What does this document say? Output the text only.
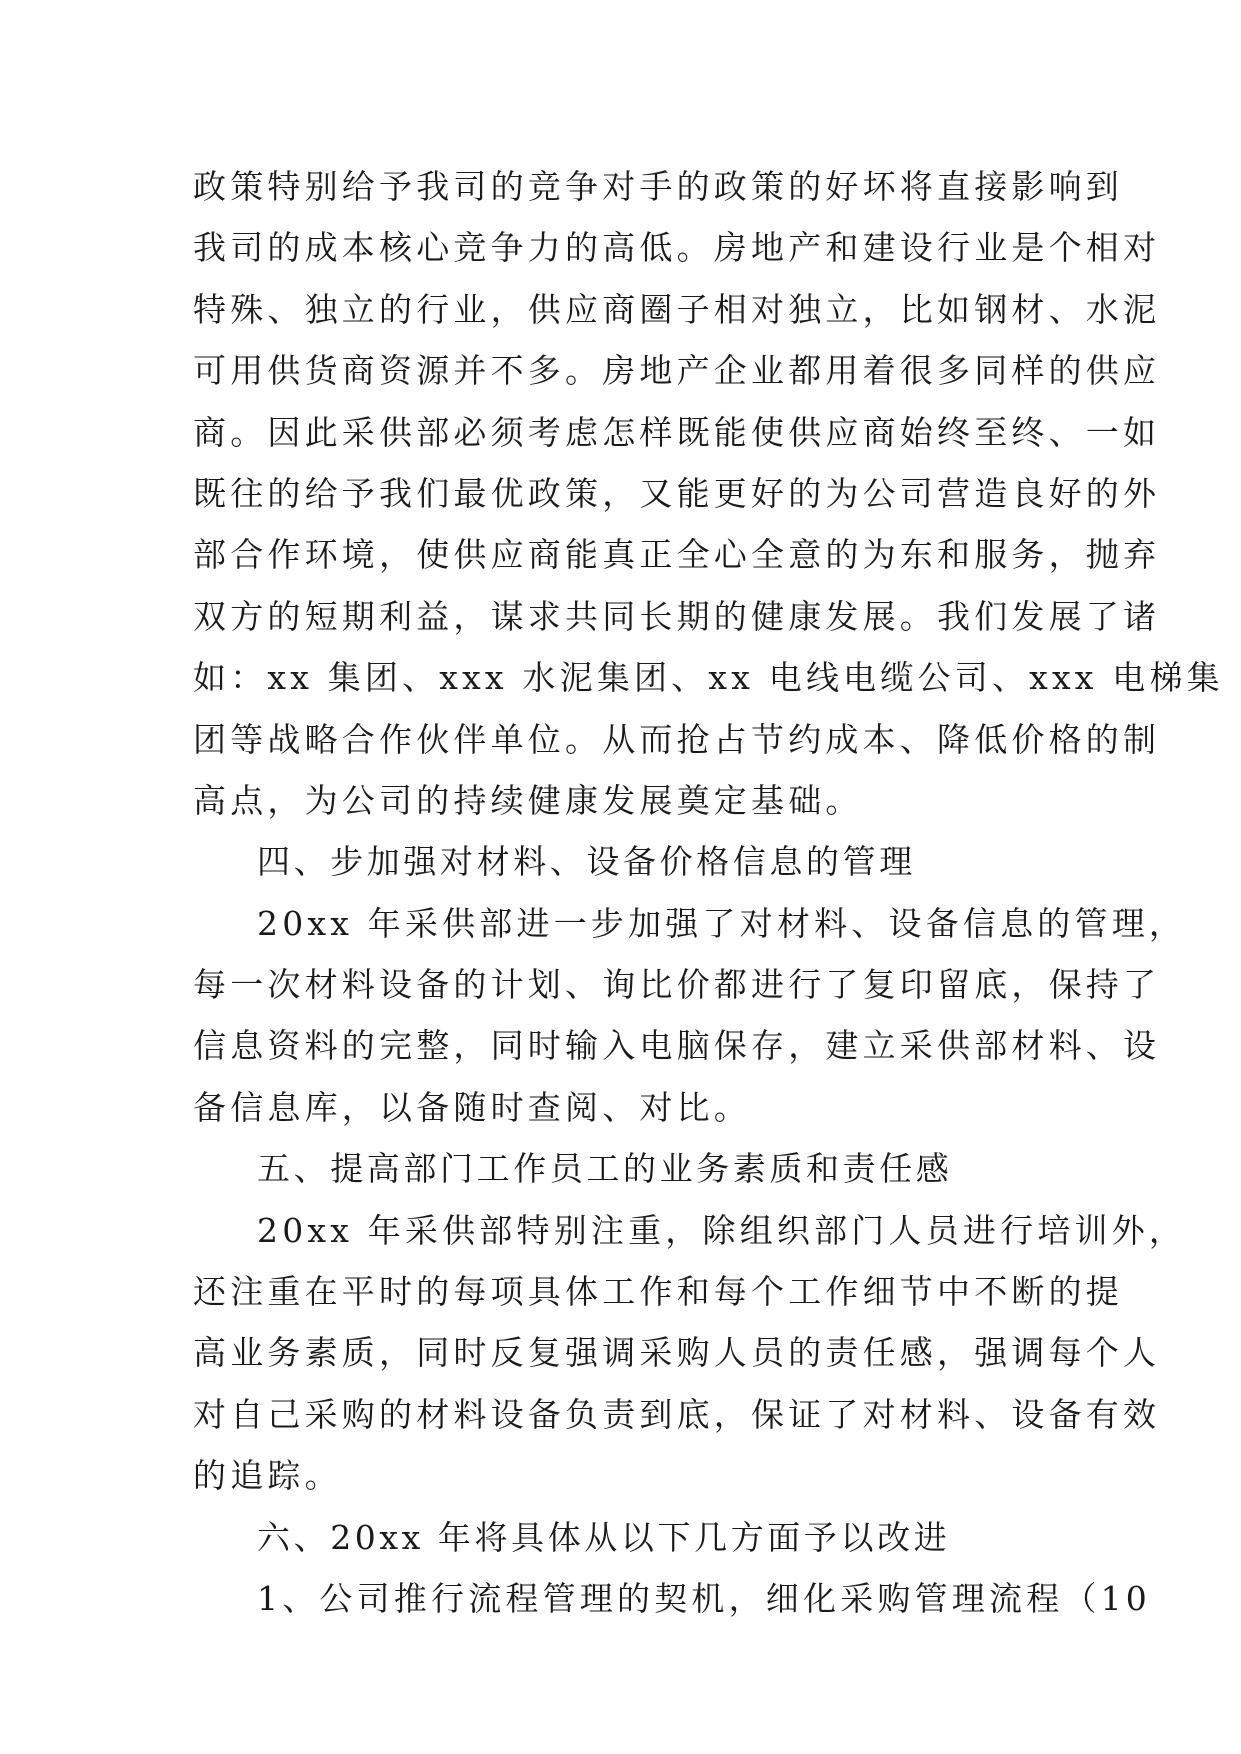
政策特别给予我司的竞争对手的政策的好坏将直接影响到
我司的成本核心竞争力的高低。房地产和建设行业是个相对
特殊、独立的行业，供应商圈子相对独立，比如钢材、水泥
可用供货商资源并不多。房地产企业都用着很多同样的供应
商。因此采供部必须考虑怎样既能使供应商始终至终、一如
既往的给予我们最优政策，又能更好的为公司营造良好的外
部合作环境，使供应商能真正全心全意的为东和服务，抛弃
双方的短期利益，谋求共同长期的健康发展。我们发展了诸
如：xx 集团、xxx 水泥集团、xx 电线电缆公司、xxx 电梯集
团等战略合作伙伴单位。从而抢占节约成本、降低价格的制
高点，为公司的持续健康发展奠定基础。
四、步加强对材料、设备价格信息的管理
20xx 年采供部进一步加强了对材料、设备信息的管理，
每一次材料设备的计划、询比价都进行了复印留底，保持了
信息资料的完整，同时输入电脑保存，建立采供部材料、设
备信息库，以备随时查阅、对比。
五、提高部门工作员工的业务素质和责任感
20xx 年采供部特别注重，除组织部门人员进行培训外，
还注重在平时的每项具体工作和每个工作细节中不断的提
高业务素质，同时反复强调采购人员的责任感，强调每个人
对自己采购的材料设备负责到底，保证了对材料、设备有效
的追踪。
六、20xx 年将具体从以下几方面予以改进
1、公司推行流程管理的契机，细化采购管理流程（10
